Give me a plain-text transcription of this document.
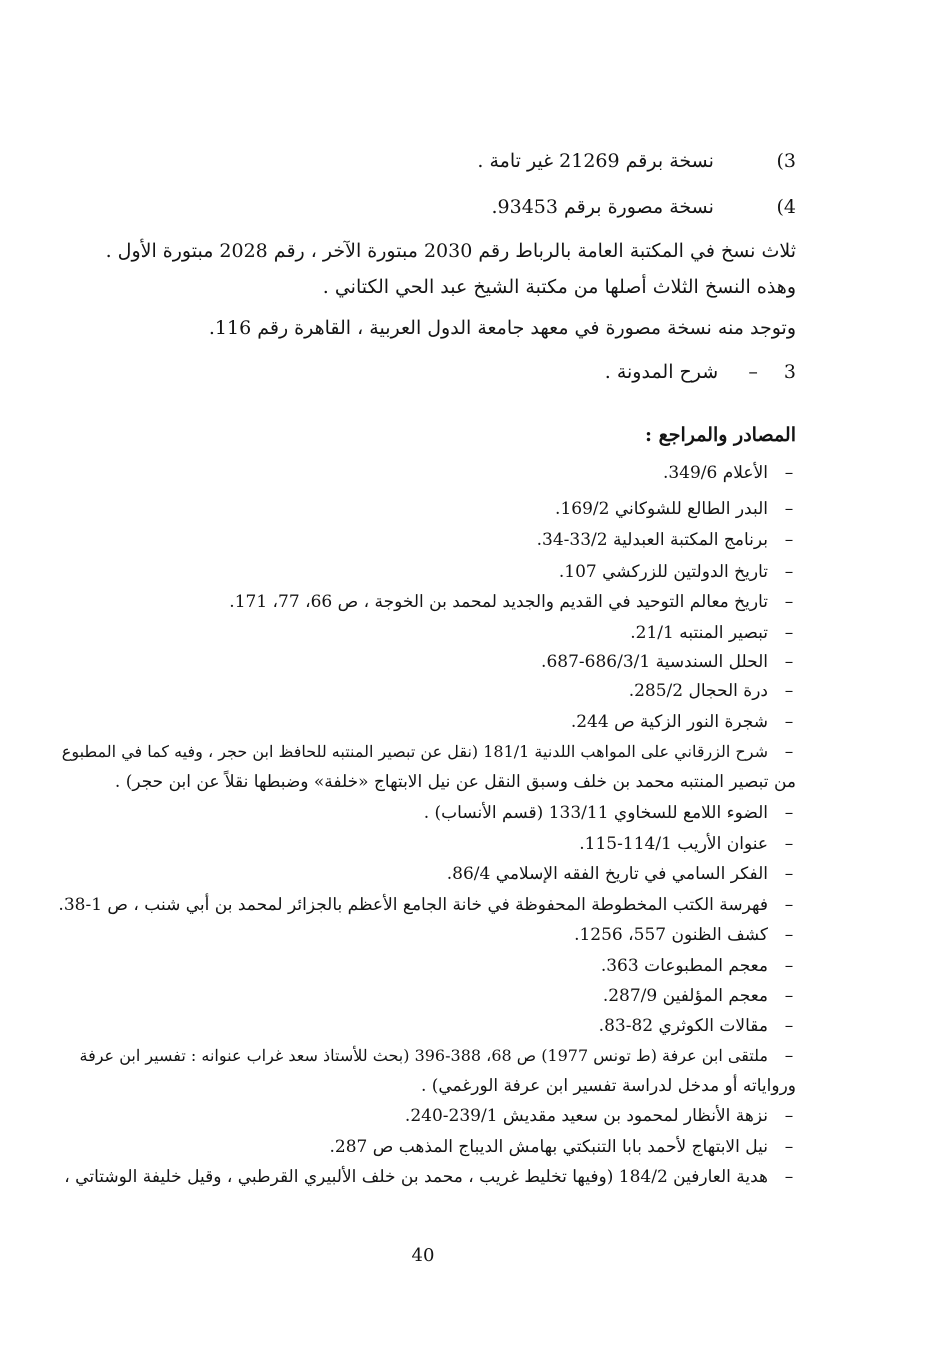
(3  نسخة برقم 21269 غير تامة .
(4  نسخة مصورة برقم 93453.
ثلاث نسخ في المكتبة العامة بالرباط رقم 2030 مبتورة الآخر ، رقم 2028 مبتورة الأول .
وهذه النسخ الثلاث أصلها من مكتبة الشيخ عبد الحي الكتاني .
وتوجد منه نسخة مصورة في معهد جامعة الدول العربية ، القاهرة رقم 116.
3  –  شرح المدونة .
المصادر والمراجع :
–
الأعلام 349/6.
–
البدر الطالع للشوكاني 169/2.
–
برنامج المكتبة العبدلية 33/2-34.
–
تاريخ الدولتين للزركشي 107.
–
تاريخ معالم التوحيد في القديم والجديد لمحمد بن الخوجة ، ص 66، 77، 171.
–
تبصير المنتبه 21/1.
–
الحلل السندسية 686/3/1-687.
–
درة الحجال 285/2.
–
شجرة النور الزكية ص 244.
–
شرح الزرقاني على المواهب اللدنية 181/1 (نقل عن تبصير المنتبه للحافظ ابن حجر ، وفيه كما في المطبوع
من تبصير المنتبه محمد بن خلف وسبق النقل عن نيل الابتهاج «خلفة» وضبطها نقلاً عن ابن حجر) .
–
الضوء اللامع للسخاوي 133/11 (قسم الأنساب) .
–
عنوان الأريب 114/1-115.
–
الفكر السامي في تاريخ الفقه الإسلامي 86/4.
–
فهرسة الكتب المخطوطة المحفوظة في خانة الجامع الأعظم بالجزائر لمحمد بن أبي شنب ، ص 1-38.
–
كشف الظنون 557، 1256.
–
معجم المطبوعات 363.
–
معجم المؤلفين 287/9.
–
مقالات الكوثري 82-83.
–
ملتقى ابن عرفة (ط تونس 1977) ص 68، 388-396 (بحث للأستاذ سعد غراب عنوانه : تفسير ابن عرفة
ورواياته أو مدخل لدراسة تفسير ابن عرفة الورغمي) .
–
نزهة الأنظار لمحمود بن سعيد مقديش 239/1-240.
–
نيل الابتهاج لأحمد بابا التنبكتي بهامش الديباج المذهب ص 287.
–
هدية العارفين 184/2 (وفيها تخليط غريب ، محمد بن خلف الألبيري القرطبي ، وقيل خليفة الوشتاتي ،
40
